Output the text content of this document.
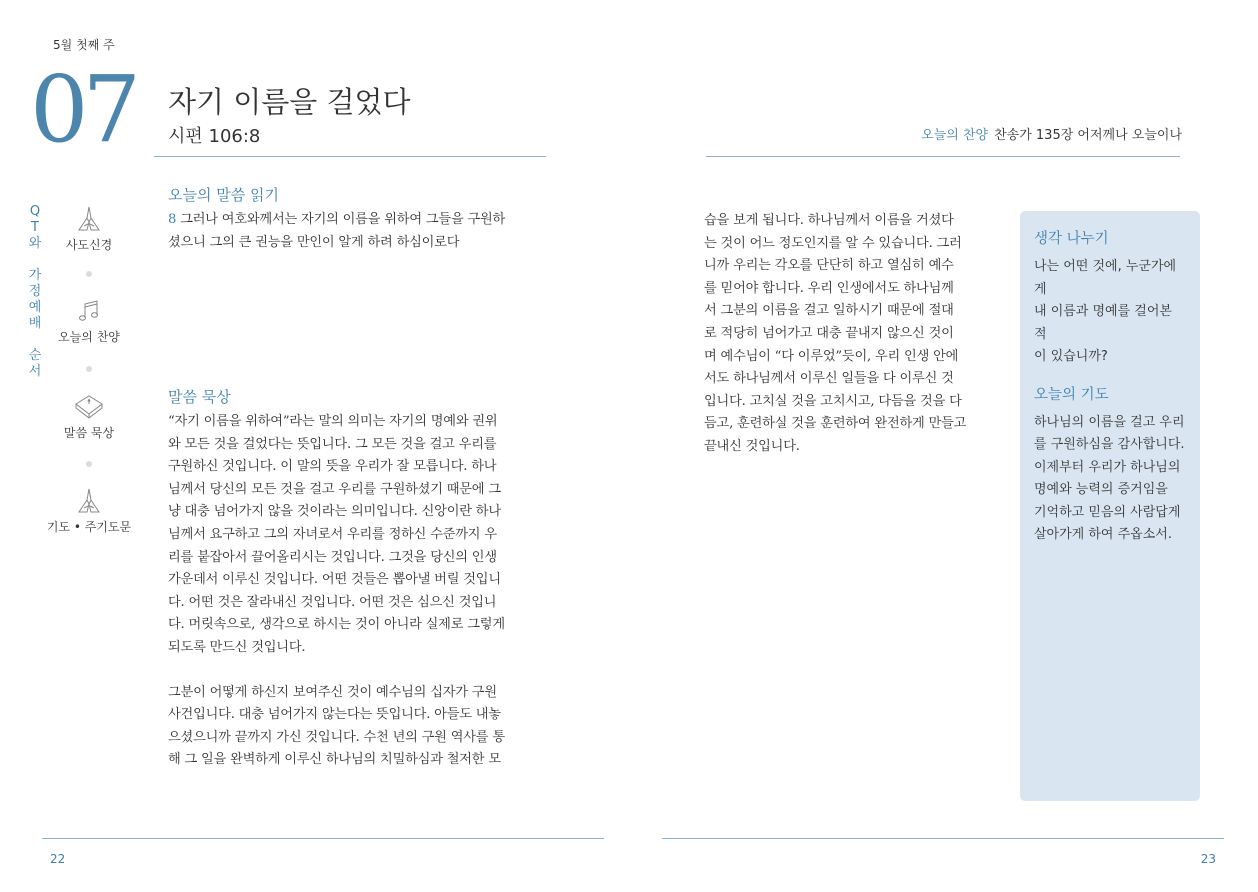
5월 첫째 주
07 자기 이름을 걸었다
시편 106:8	오늘의 찬양 찬송가 135장 어저께나 오늘이나
Q
T
와
가
정
예
배
순
서
사도신경
오늘의 찬양
말씀 묵상
기도 • 주기도문
오늘의 말씀 읽기
8 그러나 여호와께서는 자기의 이름을 위하여 그들을 구원하
셨으니 그의 큰 권능을 만인이 알게 하려 하심이로다
말씀 묵상
“자기 이름을 위하여”라는 말의 의미는 자기의 명예와 권위
와 모든 것을 걸었다는 뜻입니다. 그 모든 것을 걸고 우리를
구원하신 것입니다. 이 말의 뜻을 우리가 잘 모릅니다. 하나
님께서 당신의 모든 것을 걸고 우리를 구원하셨기 때문에 그
냥 대충 넘어가지 않을 것이라는 의미입니다. 신앙이란 하나
님께서 요구하고 그의 자녀로서 우리를 정하신 수준까지 우
리를 붙잡아서 끌어올리시는 것입니다. 그것을 당신의 인생
가운데서 이루신 것입니다. 어떤 것들은 뽑아낼 버릴 것입니
다. 어떤 것은 잘라내신 것입니다. 어떤 것은 심으신 것입니
다. 머릿속으로, 생각으로 하시는 것이 아니라 실제로 그렇게
되도록 만드신 것입니다.
그분이 어떻게 하신지 보여주신 것이 예수님의 십자가 구원
사건입니다. 대충 넘어가지 않는다는 뜻입니다. 아들도 내놓
으셨으니까 끝까지 가신 것입니다. 수천 년의 구원 역사를 통
해 그 일을 완벽하게 이루신 하나님의 치밀하심과 철저한 모
습을 보게 됩니다. 하나님께서 이름을 거셨다
는 것이 어느 정도인지를 알 수 있습니다. 그러
니까 우리는 각오를 단단히 하고 열심히 예수
를 믿어야 합니다. 우리 인생에서도 하나님께
서 그분의 이름을 걸고 일하시기 때문에 절대
로 적당히 넘어가고 대충 끝내지 않으신 것이
며 예수님이 “다 이루었”듯이, 우리 인생 안에
서도 하나님께서 이루신 일들을 다 이루신 것
입니다. 고치실 것을 고치시고, 다듬을 것을 다
듬고, 훈련하실 것을 훈련하여 완전하게 만들고
끝내신 것입니다.
생각 나누기
나는 어떤 것에, 누군가에게
내 이름과 명예를 걸어본 적
이 있습니까?
오늘의 기도
하나님의 이름을 걸고 우리
를 구원하심을 감사합니다.
이제부터 우리가 하나님의
명예와 능력의 증거임을
기억하고 믿음의 사람답게
살아가게 하여 주옵소서.
22	23
